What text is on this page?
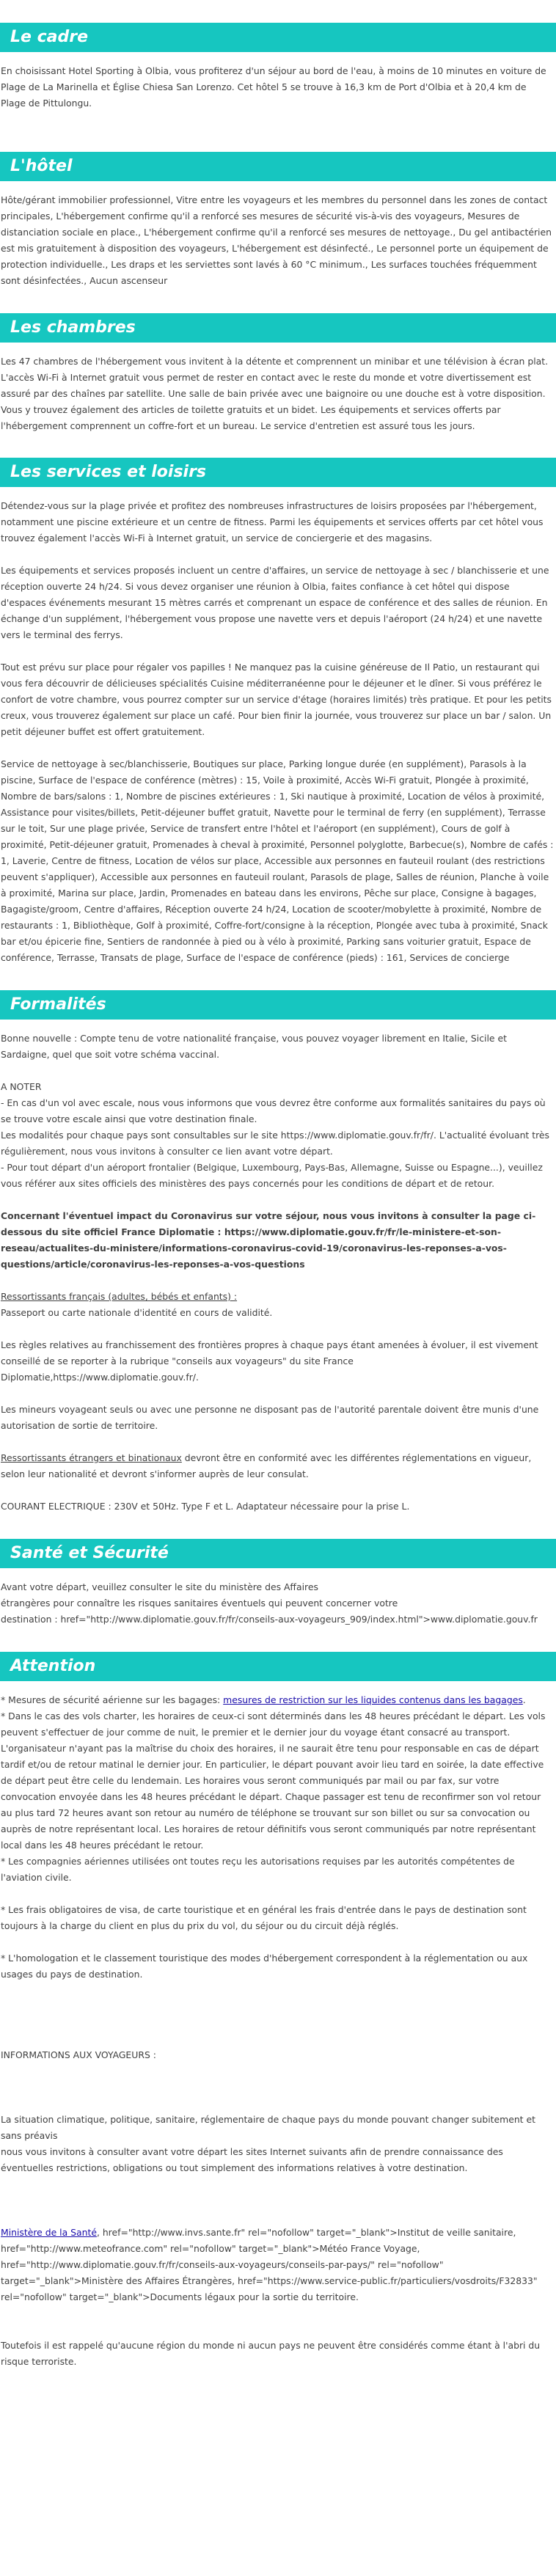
Le cadre

En choisissant Hotel Sporting à Olbia, vous profiterez d'un séjour au bord de l'eau, à moins de 10 minutes en voiture de Plage de La Marinella et Église Chiesa San Lorenzo. Cet hôtel 5 se trouve à 16,3 km de Port d'Olbia et à 20,4 km de Plage de Pittulongu.

L'hôtel

Hôte/gérant immobilier professionnel, Vitre entre les voyageurs et les membres du personnel dans les zones de contact principales, L'hébergement confirme qu'il a renforcé ses mesures de sécurité vis-à-vis des voyageurs, Mesures de distanciation sociale en place., L'hébergement confirme qu'il a renforcé ses mesures de nettoyage., Du gel antibactérien est mis gratuitement à disposition des voyageurs, L'hébergement est désinfecté., Le personnel porte un équipement de protection individuelle., Les draps et les serviettes sont lavés à 60 °C minimum., Les surfaces touchées fréquemment sont désinfectées., Aucun ascenseur

Les chambres

Les 47 chambres de l'hébergement vous invitent à la détente et comprennent un minibar et une télévision à écran plat. L'accès Wi-Fi à Internet gratuit vous permet de rester en contact avec le reste du monde et votre divertissement est assuré par des chaînes par satellite. Une salle de bain privée avec une baignoire ou une douche est à votre disposition. Vous y trouvez également des articles de toilette gratuits et un bidet. Les équipements et services offerts par l'hébergement comprennent un coffre-fort et un bureau. Le service d'entretien est assuré tous les jours.

Les services et loisirs

Détendez-vous sur la plage privée et profitez des nombreuses infrastructures de loisirs proposées par l'hébergement, notamment une piscine extérieure et un centre de fitness. Parmi les équipements et services offerts par cet hôtel vous trouvez également l'accès Wi-Fi à Internet gratuit, un service de conciergerie et des magasins.

Les équipements et services proposés incluent un centre d'affaires, un service de nettoyage à sec / blanchisserie et une réception ouverte 24 h/24. Si vous devez organiser une réunion à Olbia, faites confiance à cet hôtel qui dispose d'espaces événements mesurant 15 mètres carrés et comprenant un espace de conférence et des salles de réunion. En échange d'un supplément, l'hébergement vous propose une navette vers et depuis l'aéroport (24 h/24) et une navette vers le terminal des ferrys.

Tout est prévu sur place pour régaler vos papilles ! Ne manquez pas la cuisine généreuse de Il Patio, un restaurant qui vous fera découvrir de délicieuses spécialités Cuisine méditerranéenne pour le déjeuner et le dîner. Si vous préférez le confort de votre chambre, vous pourrez compter sur un service d'étage (horaires limités) très pratique. Et pour les petits creux, vous trouverez également sur place un café. Pour bien finir la journée, vous trouverez sur place un bar / salon. Un petit déjeuner buffet est offert gratuitement.

Service de nettoyage à sec/blanchisserie, Boutiques sur place, Parking longue durée (en supplément), Parasols à la piscine, Surface de l'espace de conférence (mètres) : 15, Voile à proximité, Accès Wi-Fi gratuit, Plongée à proximité, Nombre de bars/salons : 1, Nombre de piscines extérieures : 1, Ski nautique à proximité, Location de vélos à proximité, Assistance pour visites/billets, Petit-déjeuner buffet gratuit, Navette pour le terminal de ferry (en supplément), Terrasse sur le toit, Sur une plage privée, Service de transfert entre l'hôtel et l'aéroport (en supplément), Cours de golf à proximité, Petit-déjeuner gratuit, Promenades à cheval à proximité, Personnel polyglotte, Barbecue(s), Nombre de cafés : 1, Laverie, Centre de fitness, Location de vélos sur place, Accessible aux personnes en fauteuil roulant (des restrictions peuvent s'appliquer), Accessible aux personnes en fauteuil roulant, Parasols de plage, Salles de réunion, Planche à voile à proximité, Marina sur place, Jardin, Promenades en bateau dans les environs, Pêche sur place, Consigne à bagages, Bagagiste/groom, Centre d'affaires, Réception ouverte 24 h/24, Location de scooter/mobylette à proximité, Nombre de restaurants : 1, Bibliothèque, Golf à proximité, Coffre-fort/consigne à la réception, Plongée avec tuba à proximité, Snack bar et/ou épicerie fine, Sentiers de randonnée à pied ou à vélo à proximité, Parking sans voiturier gratuit, Espace de conférence, Terrasse, Transats de plage, Surface de l'espace de conférence (pieds) : 161, Services de concierge

Formalités

Bonne nouvelle : Compte tenu de votre nationalité française, vous pouvez voyager librement en Italie, Sicile et Sardaigne, quel que soit votre schéma vaccinal.

A NOTER

- En cas d'un vol avec escale, nous vous informons que vous devrez être conforme aux formalités sanitaires du pays où se trouve votre escale ainsi que votre destination finale.

Les modalités pour chaque pays sont consultables sur le site https://www.diplomatie.gouv.fr/fr/. L'actualité évoluant très régulièrement, nous vous invitons à consulter ce lien avant votre départ.

- Pour tout départ d'un aéroport frontalier (Belgique, Luxembourg, Pays-Bas, Allemagne, Suisse ou Espagne...), veuillez vous référer aux sites officiels des ministères des pays concernés pour les conditions de départ et de retour.

Concernant l'éventuel impact du Coronavirus sur votre séjour, nous vous invitons à consulter la page ci-dessous du site officiel France Diplomatie : https://www.diplomatie.gouv.fr/fr/le-ministere-et-son-reseau/actualites-du-ministere/informations-coronavirus-covid-19/coronavirus-les-reponses-a-vos-questions/article/coronavirus-les-reponses-a-vos-questions

Ressortissants français (adultes, bébés et enfants) :

Passeport ou carte nationale d'identité en cours de validité.

Les règles relatives au franchissement des frontières propres à chaque pays étant amenées à évoluer, il est vivement conseillé de se reporter à la rubrique "conseils aux voyageurs" du site France Diplomatie,https://www.diplomatie.gouv.fr/.

Les mineurs voyageant seuls ou avec une personne ne disposant pas de l'autorité parentale doivent être munis d'une autorisation de sortie de territoire.

Ressortissants étrangers et binationaux devront être en conformité avec les différentes réglementations en vigueur, selon leur nationalité et devront s'informer auprès de leur consulat.

COURANT ELECTRIQUE : 230V et 50Hz. Type F et L. Adaptateur nécessaire pour la prise L.

Santé et Sécurité

Avant votre départ, veuillez consulter le site du ministère des Affaires

étrangères pour connaître les risques sanitaires éventuels qui peuvent concerner votre

destination : href="http://www.diplomatie.gouv.fr/fr/conseils-aux-voyageurs_909/index.html">www.diplomatie.gouv.fr

Attention

* Mesures de sécurité aérienne sur les bagages: mesures de restriction sur les liquides contenus dans les bagages.

* Dans le cas des vols charter, les horaires de ceux-ci sont déterminés dans les 48 heures précédant le départ. Les vols peuvent s'effectuer de jour comme de nuit, le premier et le dernier jour du voyage étant consacré au transport. L'organisateur n'ayant pas la maîtrise du choix des horaires, il ne saurait être tenu pour responsable en cas de départ tardif et/ou de retour matinal le dernier jour. En particulier, le départ pouvant avoir lieu tard en soirée, la date effective de départ peut être celle du lendemain. Les horaires vous seront communiqués par mail ou par fax, sur votre convocation envoyée dans les 48 heures précédant le départ. Chaque passager est tenu de reconfirmer son vol retour au plus tard 72 heures avant son retour au numéro de téléphone se trouvant sur son billet ou sur sa convocation ou auprès de notre représentant local. Les horaires de retour définitifs vous seront communiqués par notre représentant local dans les 48 heures précédant le retour.

* Les compagnies aériennes utilisées ont toutes reçu les autorisations requises par les autorités compétentes de l'aviation civile.

* Les frais obligatoires de visa, de carte touristique et en général les frais d'entrée dans le pays de destination sont toujours à la charge du client en plus du prix du vol, du séjour ou du circuit déjà réglés.

* L'homologation et le classement touristique des modes d'hébergement correspondent à la réglementation ou aux usages du pays de destination.

INFORMATIONS AUX VOYAGEURS :

La situation climatique, politique, sanitaire, réglementaire de chaque pays du monde pouvant changer subitement et sans préavis

nous vous invitons à consulter avant votre départ les sites Internet suivants afin de prendre connaissance des éventuelles restrictions, obligations ou tout simplement des informations relatives à votre destination.

Ministère de la Santé, href="http://www.invs.sante.fr" rel="nofollow" target="_blank">Institut de veille sanitaire, href="http://www.meteofrance.com" rel="nofollow" target="_blank">Météo France Voyage, href="http://www.diplomatie.gouv.fr/fr/conseils-aux-voyageurs/conseils-par-pays/" rel="nofollow" target="_blank">Ministère des Affaires Étrangères, href="https://www.service-public.fr/particuliers/vosdroits/F32833" rel="nofollow" target="_blank">Documents légaux pour la sortie du territoire.

Toutefois il est rappelé qu'aucune région du monde ni aucun pays ne peuvent être considérés comme étant à l'abri du risque terroriste.
